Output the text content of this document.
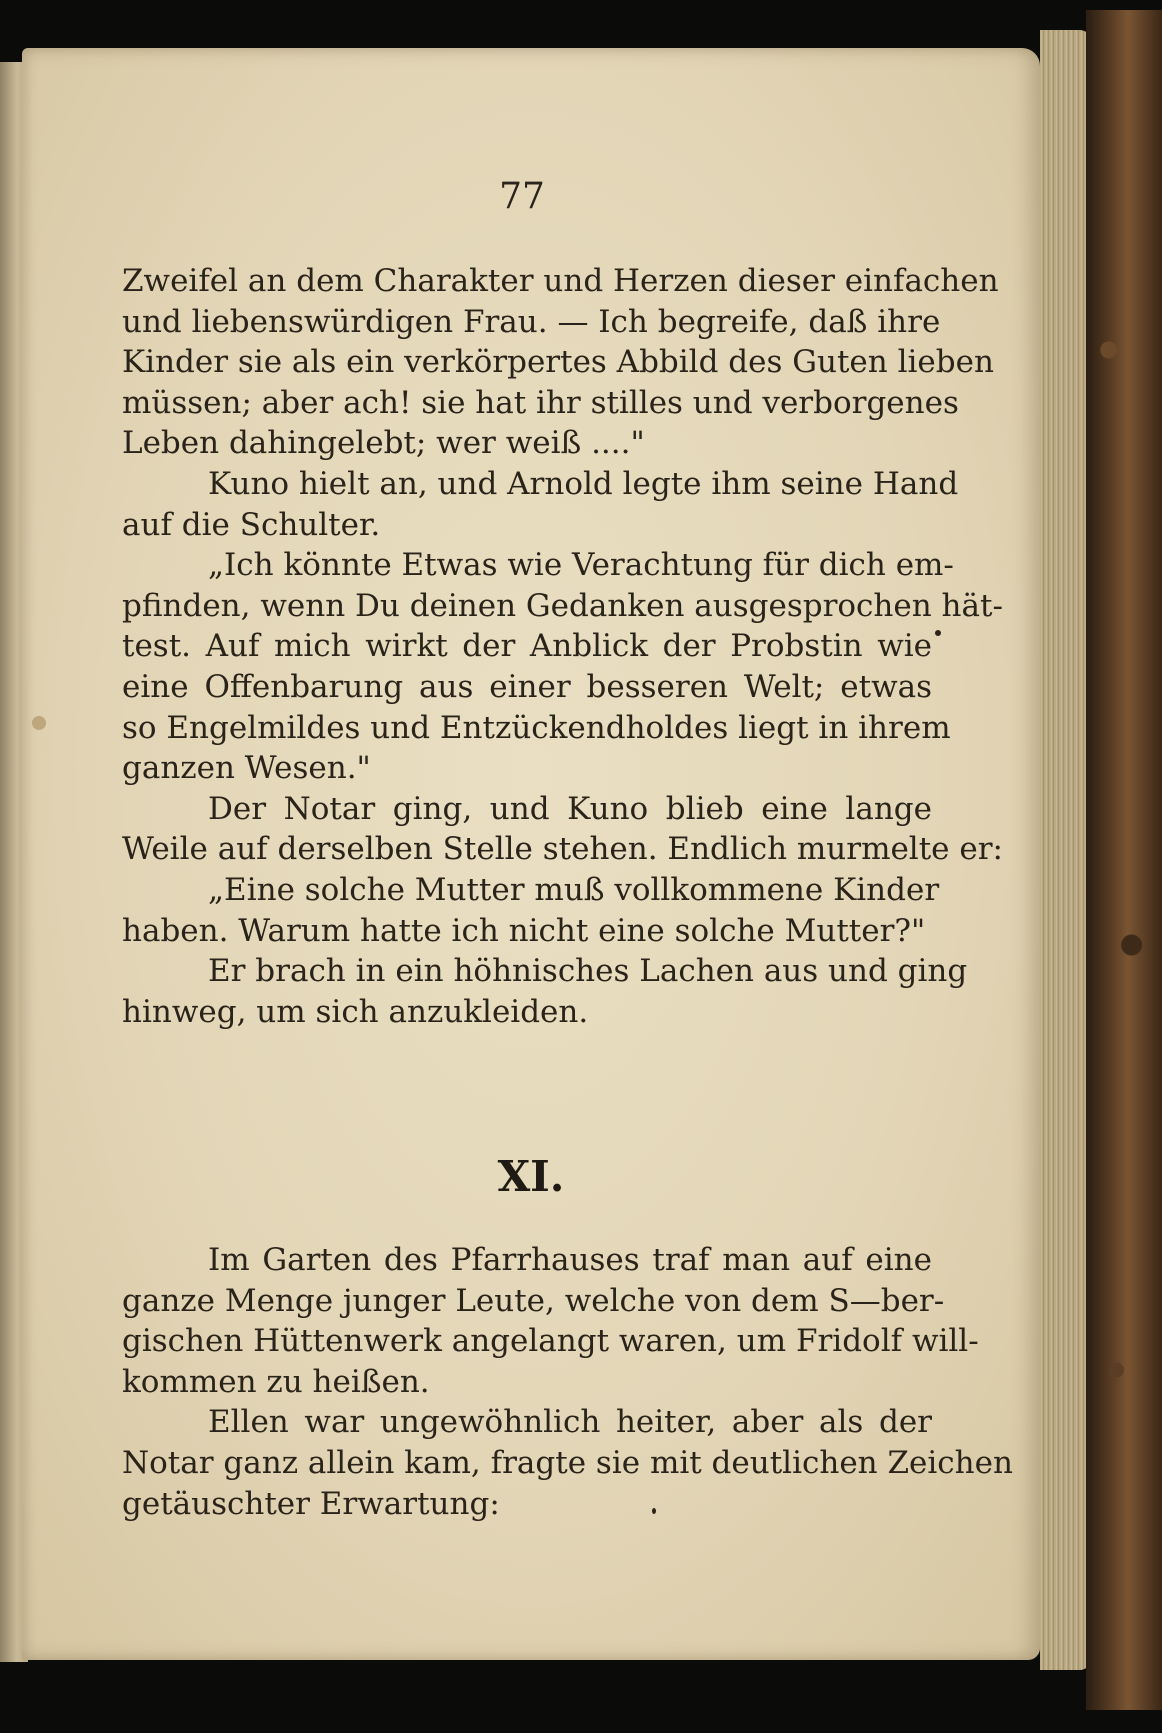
77
Zweifel an dem Charakter und Herzen dieser einfachen
und liebenswürdigen Frau. — Ich begreife, daß ihre
Kinder sie als ein verkörpertes Abbild des Guten lieben
müssen; aber ach! sie hat ihr stilles und verborgenes
Leben dahingelebt; wer weiß ...."
Kuno hielt an, und Arnold legte ihm seine Hand
auf die Schulter.
„Ich könnte Etwas wie Verachtung für dich em-
pfinden, wenn Du deinen Gedanken ausgesprochen hät-
test. Auf mich wirkt der Anblick der Probstin wie
eine Offenbarung aus einer besseren Welt; etwas
so Engelmildes und Entzückendholdes liegt in ihrem
ganzen Wesen."
Der Notar ging, und Kuno blieb eine lange
Weile auf derselben Stelle stehen. Endlich murmelte er:
„Eine solche Mutter muß vollkommene Kinder
haben. Warum hatte ich nicht eine solche Mutter?"
Er brach in ein höhnisches Lachen aus und ging
hinweg, um sich anzukleiden.
XI.
Im Garten des Pfarrhauses traf man auf eine
ganze Menge junger Leute, welche von dem S—ber-
gischen Hüttenwerk angelangt waren, um Fridolf will-
kommen zu heißen.
Ellen war ungewöhnlich heiter, aber als der
Notar ganz allein kam, fragte sie mit deutlichen Zeichen
getäuschter Erwartung:
